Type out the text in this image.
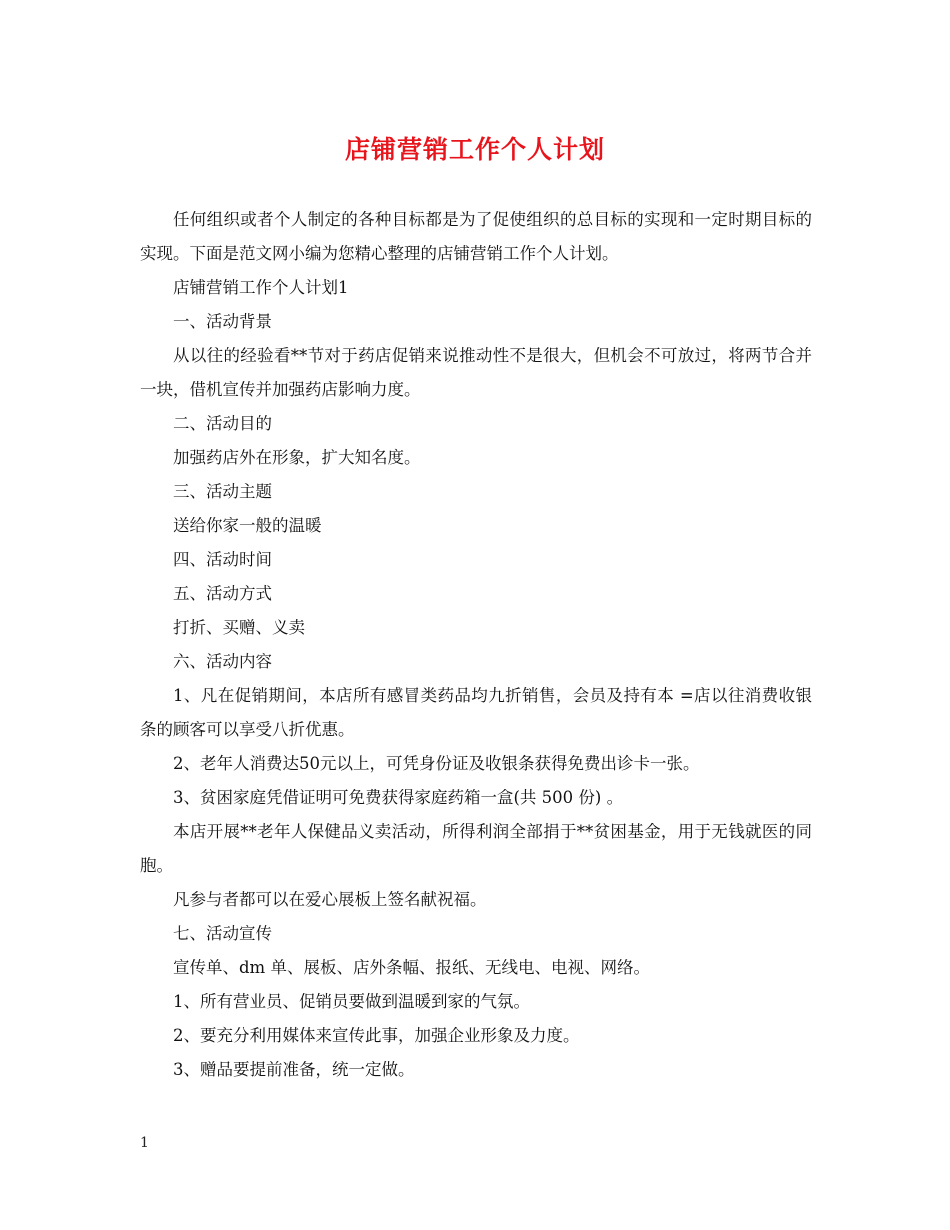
店铺营销工作个人计划

任何组织或者个人制定的各种目标都是为了促使组织的总目标的实现和一定时期目标的实现。下面是范文网小编为您精心整理的店铺营销工作个人计划。

店铺营销工作个人计划1

一、活动背景

从以往的经验看**节对于药店促销来说推动性不是很大，但机会不可放过，将两节合并一块，借机宣传并加强药店影响力度。

二、活动目的

加强药店外在形象，扩大知名度。

三、活动主题

送给你家一般的温暖

四、活动时间

五、活动方式

打折、买赠、义卖

六、活动内容

1、凡在促销期间，本店所有感冒类药品均九折销售，会员及持有本 =店以往消费收银条的顾客可以享受八折优惠。

2、老年人消费达50元以上，可凭身份证及收银条获得免费出诊卡一张。

3、贫困家庭凭借证明可免费获得家庭药箱一盒(共 500 份) 。

本店开展**老年人保健品义卖活动，所得利润全部捐于**贫困基金，用于无钱就医的同胞。

凡参与者都可以在爱心展板上签名献祝福。

七、活动宣传

宣传单、dm 单、展板、店外条幅、报纸、无线电、电视、网络。

1、所有营业员、促销员要做到温暖到家的气氛。

2、要充分利用媒体来宣传此事，加强企业形象及力度。

3、赠品要提前准备，统一定做。

1
